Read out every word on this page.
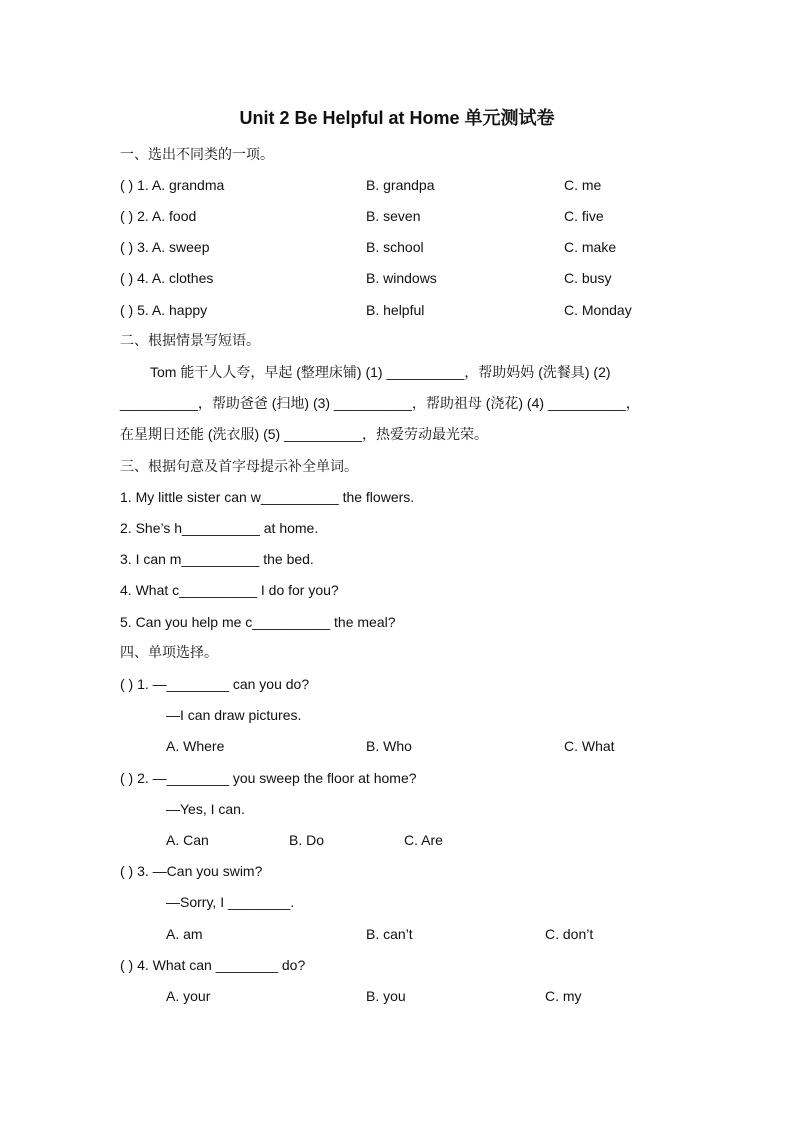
Unit 2 Be Helpful at Home 单元测试卷
一、选出不同类的一项。
( ) 1. A. grandma	B. grandpa	C. me
( ) 2. A. food	B. seven	C. five
( ) 3. A. sweep	B. school	C. make
( ) 4. A. clothes	B. windows	C. busy
( ) 5. A. happy	B. helpful	C. Monday
二、根据情景写短语。
Tom 能干人人夸，早起 (整理床铺) (1) __________，帮助妈妈 (洗餐具) (2)
__________，帮助爸爸 (扫地) (3) __________，帮助祖母 (浇花) (4) __________，
在星期日还能 (洗衣服) (5) __________，热爱劳动最光荣。
三、根据句意及首字母提示补全单词。
1. My little sister can w__________ the flowers.
2. She’s h__________ at home.
3. I can m__________ the bed.
4. What c__________ I do for you?
5. Can you help me c__________ the meal?
四、单项选择。
( ) 1. —________ can you do?
—I can draw pictures.
A. Where	B. Who	C. What
( ) 2. —________ you sweep the floor at home?
—Yes, I can.
A. Can	B. Do	C. Are
( ) 3. —Can you swim?
—Sorry, I ________.
A. am	B. can’t	C. don’t
( ) 4. What can ________ do?
A. your	B. you	C. my
